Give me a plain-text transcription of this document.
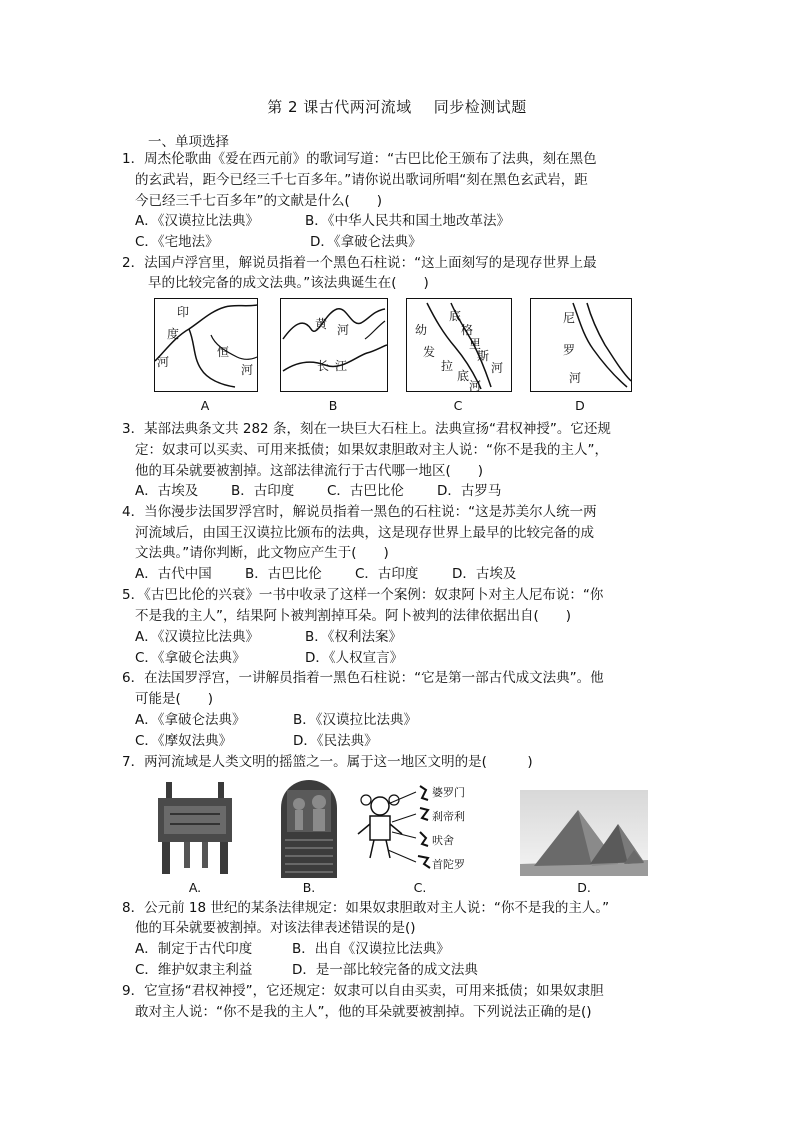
第 2 课古代两河流域 同步检测试题
一、单项选择
1．周杰伦歌曲《爱在西元前》的歌词写道：“古巴比伦王颁布了法典，刻在黑色
的玄武岩，距今已经三千七百多年。”请你说出歌词所唱“刻在黑色玄武岩，距
今已经三千七百多年”的文献是什么(　　)
A．《汉谟拉比法典》	B．《中华人民共和国土地改革法》
C．《宅地法》	D．《拿破仑法典》
2．法国卢浮宫里，解说员指着一个黑色石柱说：“这上面刻写的是现存世界上最
早的比较完备的成文法典。”该法典诞生在(　　)
印
度
河
恒
河
A
黄 河
长 江
B
幼
发
拉
底
河
底
格
里
斯
河
C
尼
罗
河
D
3．某部法典条文共 282 条，刻在一块巨大石柱上。法典宣扬“君权神授”。它还规
定：奴隶可以买卖、可用来抵债；如果奴隶胆敢对主人说：“你不是我的主人”，
他的耳朵就要被割掉。这部法律流行于古代哪一地区(　　)
A．古埃及 B．古印度 C．古巴比伦 D．古罗马
4．当你漫步法国罗浮宫时，解说员指着一黑色的石柱说：“这是苏美尔人统一两
河流域后，由国王汉谟拉比颁布的法典，这是现存世界上最早的比较完备的成
文法典。”请你判断，此文物应产生于(　　)
A．古代中国 B．古巴比伦 C．古印度 D．古埃及
5．《古巴比伦的兴衰》一书中收录了这样一个案例：奴隶阿卜对主人尼布说：“你
不是我的主人”，结果阿卜被判割掉耳朵。阿卜被判的法律依据出自(　　)
A．《汉谟拉比法典》	B．《权利法案》
C．《拿破仑法典》	D．《人权宣言》
6．在法国罗浮宫，一讲解员指着一黑色石柱说：“它是第一部古代成文法典”。他
可能是(　　)
A．《拿破仑法典》	B．《汉谟拉比法典》
C．《摩奴法典》	D．《民法典》
7．两河流域是人类文明的摇篮之一。属于这一地区文明的是(　　　)
A.	B.
婆罗门
刹帝利
吠舍
首陀罗
C.	D.
8．公元前 18 世纪的某条法律规定：如果奴隶胆敢对主人说：“你不是我的主人。”
他的耳朵就要被割掉。对该法律表述错误的是()
A．制定于古代印度	B．出自《汉谟拉比法典》
C．维护奴隶主利益	D．是一部比较完备的成文法典
9．它宣扬“君权神授”，它还规定：奴隶可以自由买卖，可用来抵债；如果奴隶胆
敢对主人说：“你不是我的主人”，他的耳朵就要被割掉。下列说法正确的是()
